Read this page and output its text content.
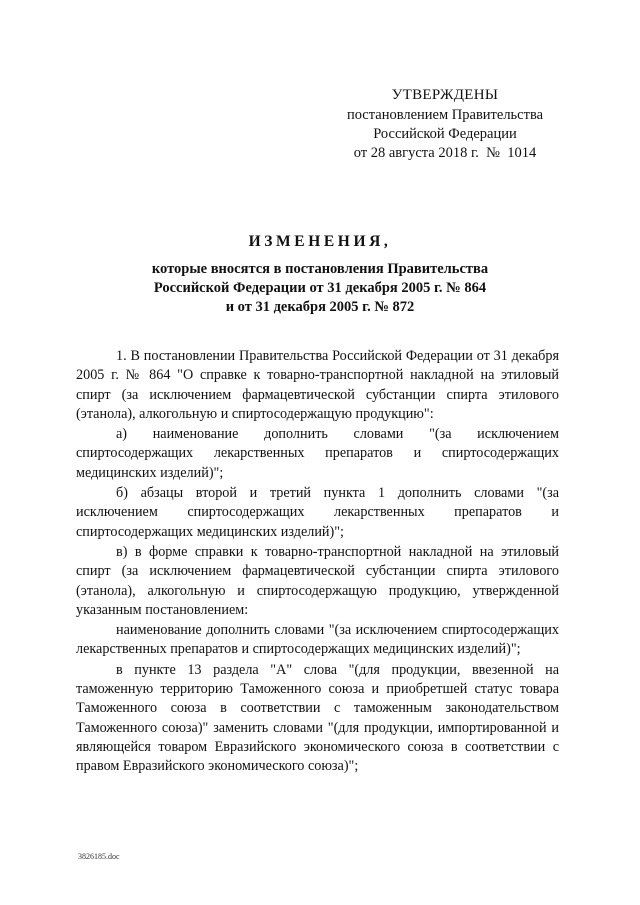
УТВЕРЖДЕНЫ
постановлением Правительства
Российской Федерации
от 28 августа 2018 г.  №  1014
ИЗМЕНЕНИЯ,
которые вносятся в постановления Правительства
Российской Федерации от 31 декабря 2005 г. № 864
и от 31 декабря 2005 г. № 872

1. В постановлении Правительства Российской Федерации от 31 декабря 2005 г. № 864 "О справке к товарно-транспортной накладной на этиловый спирт (за исключением фармацевтической субстанции спирта этилового (этанола), алкогольную и спиртосодержащую продукцию":

а) наименование дополнить словами "(за исключением спиртосодержащих лекарственных препаратов и спиртосодержащих медицинских изделий)";

б) абзацы второй и третий пункта 1 дополнить словами "(за исключением спиртосодержащих лекарственных препаратов и спиртосодержащих медицинских изделий)";

в) в форме справки к товарно-транспортной накладной на этиловый спирт (за исключением фармацевтической субстанции спирта этилового (этанола), алкогольную и спиртосодержащую продукцию, утвержденной указанным постановлением:

наименование дополнить словами "(за исключением спиртосодержащих лекарственных препаратов и спиртосодержащих медицинских изделий)";

в пункте 13 раздела "А" слова "(для продукции, ввезенной на таможенную территорию Таможенного союза и приобретшей статус товара Таможенного союза в соответствии с таможенным законодательством Таможенного союза)" заменить словами "(для продукции, импортированной и являющейся товаром Евразийского экономического союза в соответствии с правом Евразийского экономического союза)";

3826185.doc
